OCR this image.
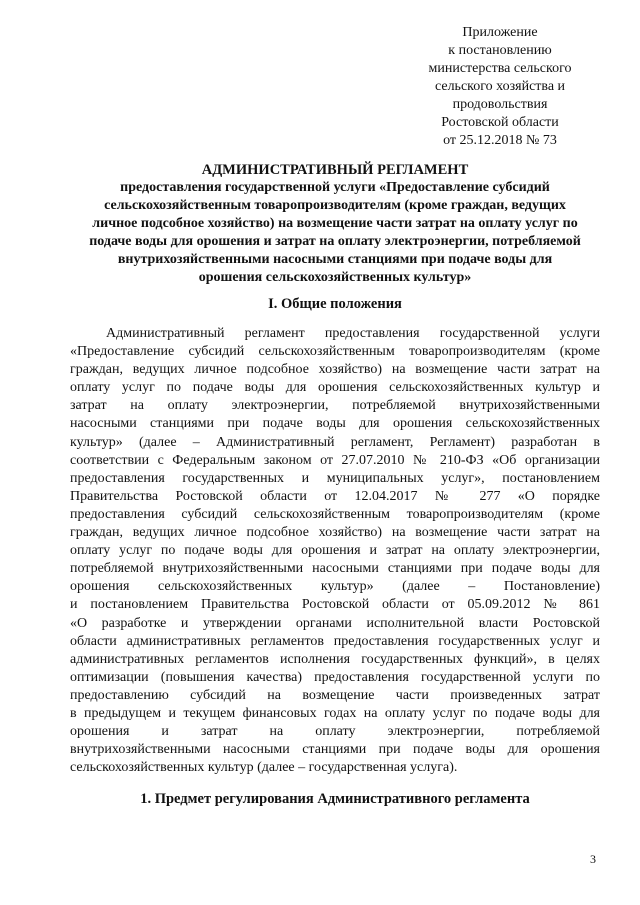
Приложение
к постановлению
министерства сельского
сельского хозяйства и
продовольствия
Ростовской области
от 25.12.2018 № 73
АДМИНИСТРАТИВНЫЙ РЕГЛАМЕНТ
предоставления государственной услуги «Предоставление субсидий
сельскохозяйственным товаропроизводителям (кроме граждан, ведущих
личное подсобное хозяйство) на возмещение части затрат на оплату услуг по
подаче воды для орошения и затрат на оплату электроэнергии, потребляемой
внутрихозяйственными насосными станциями при подаче воды для
орошения сельскохозяйственных культур»
I. Общие положения
Административный регламент предоставления государственной услуги
«Предоставление субсидий сельскохозяйственным товаропроизводителям (кроме
граждан, ведущих личное подсобное хозяйство) на возмещение части затрат на
оплату услуг по подаче воды для орошения сельскохозяйственных культур и
затрат на оплату электроэнергии, потребляемой внутрихозяйственными
насосными станциями при подаче воды для орошения сельскохозяйственных
культур» (далее – Административный регламент, Регламент) разработан в
соответствии с Федеральным законом от 27.07.2010 № 210-ФЗ «Об организации
предоставления государственных и муниципальных услуг», постановлением
Правительства Ростовской области от 12.04.2017 № 277 «О порядке
предоставления субсидий сельскохозяйственным товаропроизводителям (кроме
граждан, ведущих личное подсобное хозяйство) на возмещение части затрат на
оплату услуг по подаче воды для орошения и затрат на оплату электроэнергии,
потребляемой внутрихозяйственными насосными станциями при подаче воды для
орошения сельскохозяйственных культур» (далее – Постановление)
и постановлением Правительства Ростовской области от 05.09.2012 № 861
«О разработке и утверждении органами исполнительной власти Ростовской
области административных регламентов предоставления государственных услуг и
административных регламентов исполнения государственных функций», в целях
оптимизации (повышения качества) предоставления государственной услуги по
предоставлению субсидий на возмещение части произведенных затрат
в предыдущем и текущем финансовых годах на оплату услуг по подаче воды для
орошения и затрат на оплату электроэнергии, потребляемой
внутрихозяйственными насосными станциями при подаче воды для орошения
сельскохозяйственных культур (далее – государственная услуга).
1. Предмет регулирования Административного регламента
3
